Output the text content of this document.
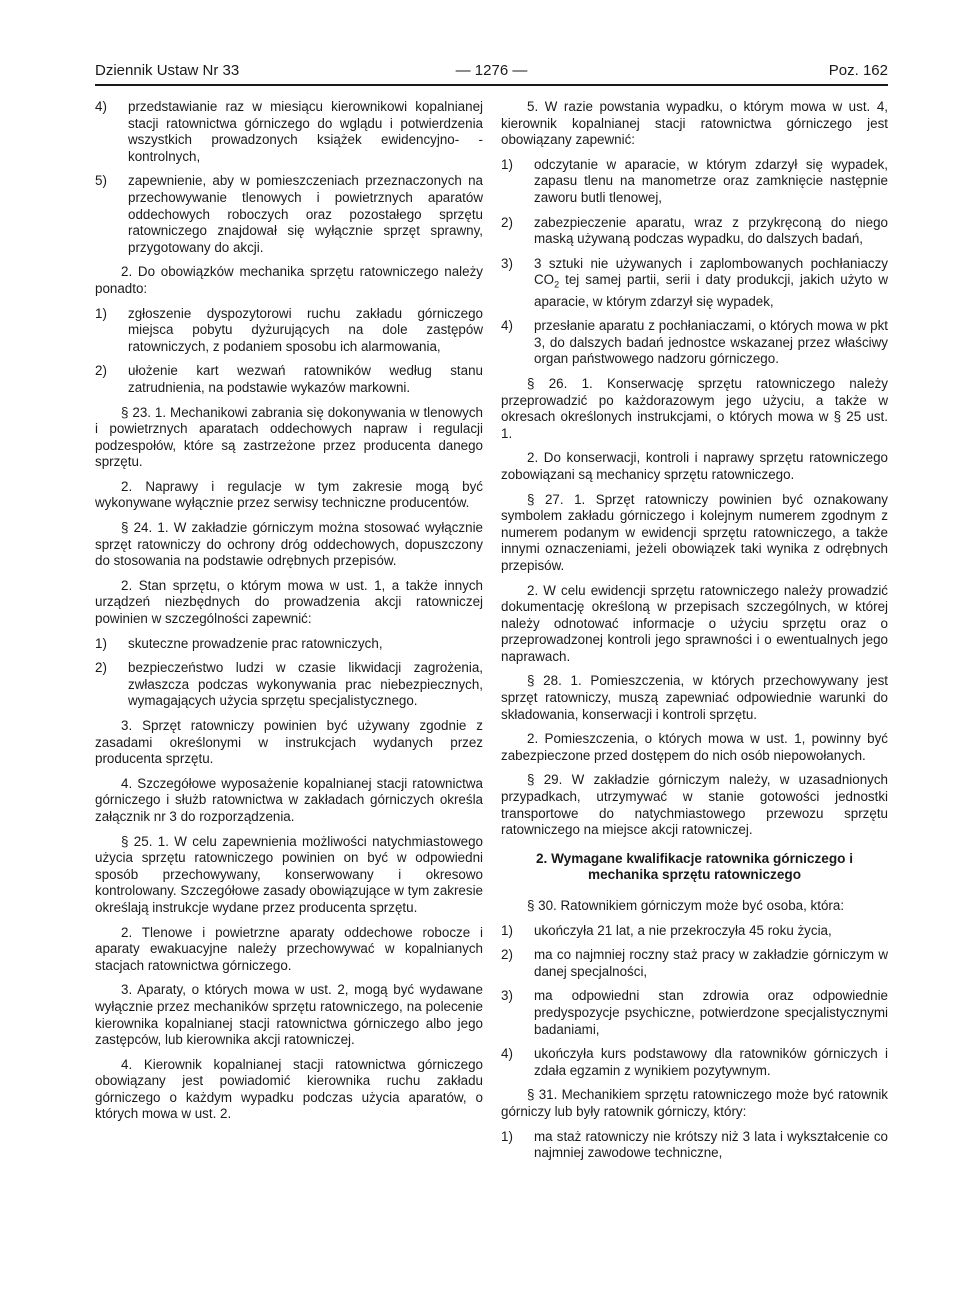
Dziennik Ustaw Nr 33	— 1276 —	Poz. 162
4)	przedstawianie raz w miesiącu kierownikowi kopalnianej stacji ratownictwa górniczego do wglądu i potwierdzenia wszystkich prowadzonych książek ewidencyjno- -kontrolnych,
5)	zapewnienie, aby w pomieszczeniach przeznaczonych na przechowywanie tlenowych i powietrznych aparatów oddechowych roboczych oraz pozostałego sprzętu ratowniczego znajdował się wyłącznie sprzęt sprawny, przygotowany do akcji.

2. Do obowiązków mechanika sprzętu ratowniczego należy ponadto:

1)	zgłoszenie dyspozytorowi ruchu zakładu górniczego miejsca pobytu dyżurujących na dole zastępów ratowniczych, z podaniem sposobu ich alarmowania,
2)	ułożenie kart wezwań ratowników według stanu zatrudnienia, na podstawie wykazów markowni.

§ 23. 1. Mechanikowi zabrania się dokonywania w tlenowych i powietrznych aparatach oddechowych napraw i regulacji podzespołów, które są zastrzeżone przez producenta danego sprzętu.

2. Naprawy i regulacje w tym zakresie mogą być wykonywane wyłącznie przez serwisy techniczne producentów.

§ 24. 1. W zakładzie górniczym można stosować wyłącznie sprzęt ratowniczy do ochrony dróg oddechowych, dopuszczony do stosowania na podstawie odrębnych przepisów.

2. Stan sprzętu, o którym mowa w ust. 1, a także innych urządzeń niezbędnych do prowadzenia akcji ratowniczej powinien w szczególności zapewnić:

1)	skuteczne prowadzenie prac ratowniczych,
2)	bezpieczeństwo ludzi w czasie likwidacji zagrożenia, zwłaszcza podczas wykonywania prac niebezpiecznych, wymagających użycia sprzętu specjalistycznego.

3. Sprzęt ratowniczy powinien być używany zgodnie z zasadami określonymi w instrukcjach wydanych przez producenta sprzętu.

4. Szczegółowe wyposażenie kopalnianej stacji ratownictwa górniczego i służb ratownictwa w zakładach górniczych określa załącznik nr 3 do rozporządzenia.

§ 25. 1. W celu zapewnienia możliwości natychmiastowego użycia sprzętu ratowniczego powinien on być w odpowiedni sposób przechowywany, konserwowany i okresowo kontrolowany. Szczegółowe zasady obowiązujące w tym zakresie określają instrukcje wydane przez producenta sprzętu.

2. Tlenowe i powietrzne aparaty oddechowe robocze i aparaty ewakuacyjne należy przechowywać w kopalnianych stacjach ratownictwa górniczego.

3. Aparaty, o których mowa w ust. 2, mogą być wydawane wyłącznie przez mechaników sprzętu ratowniczego, na polecenie kierownika kopalnianej stacji ratownictwa górniczego albo jego zastępców, lub kierownika akcji ratowniczej.

4. Kierownik kopalnianej stacji ratownictwa górniczego obowiązany jest powiadomić kierownika ruchu zakładu górniczego o każdym wypadku podczas użycia aparatów, o których mowa w ust. 2.

5. W razie powstania wypadku, o którym mowa w ust. 4, kierownik kopalnianej stacji ratownictwa górniczego jest obowiązany zapewnić:

1)	odczytanie w aparacie, w którym zdarzył się wypadek, zapasu tlenu na manometrze oraz zamknięcie następnie zaworu butli tlenowej,
2)	zabezpieczenie aparatu, wraz z przykręconą do niego maską używaną podczas wypadku, do dalszych badań,
3)	3 sztuki nie używanych i zaplombowanych pochłaniaczy $CO_2$ tej samej partii, serii i daty produkcji, jakich użyto w aparacie, w którym zdarzył się wypadek,
4)	przesłanie aparatu z pochłaniaczami, o których mowa w pkt 3, do dalszych badań jednostce wskazanej przez właściwy organ państwowego nadzoru górniczego.

§ 26. 1. Konserwację sprzętu ratowniczego należy przeprowadzić po każdorazowym jego użyciu, a także w okresach określonych instrukcjami, o których mowa w § 25 ust. 1.

2. Do konserwacji, kontroli i naprawy sprzętu ratowniczego zobowiązani są mechanicy sprzętu ratowniczego.

§ 27. 1. Sprzęt ratowniczy powinien być oznakowany symbolem zakładu górniczego i kolejnym numerem zgodnym z numerem podanym w ewidencji sprzętu ratowniczego, a także innymi oznaczeniami, jeżeli obowiązek taki wynika z odrębnych przepisów.

2. W celu ewidencji sprzętu ratowniczego należy prowadzić dokumentację określoną w przepisach szczególnych, w której należy odnotować informacje o użyciu sprzętu oraz o przeprowadzonej kontroli jego sprawności i o ewentualnych jego naprawach.

§ 28. 1. Pomieszczenia, w których przechowywany jest sprzęt ratowniczy, muszą zapewniać odpowiednie warunki do składowania, konserwacji i kontroli sprzętu.

2. Pomieszczenia, o których mowa w ust. 1, powinny być zabezpieczone przed dostępem do nich osób niepowołanych.

§ 29. W zakładzie górniczym należy, w uzasadnionych przypadkach, utrzymywać w stanie gotowości jednostki transportowe do natychmiastowego przewozu sprzętu ratowniczego na miejsce akcji ratowniczej.

2. Wymagane kwalifikacje ratownika górniczego i mechanika sprzętu ratowniczego

§ 30. Ratownikiem górniczym może być osoba, która:

1)	ukończyła 21 lat, a nie przekroczyła 45 roku życia,
2)	ma co najmniej roczny staż pracy w zakładzie górniczym w danej specjalności,
3)	ma odpowiedni stan zdrowia oraz odpowiednie predyspozycje psychiczne, potwierdzone specjalistycznymi badaniami,
4)	ukończyła kurs podstawowy dla ratowników górniczych i zdała egzamin z wynikiem pozytywnym.

§ 31. Mechanikiem sprzętu ratowniczego może być ratownik górniczy lub były ratownik górniczy, który:

1)	ma staż ratowniczy nie krótszy niż 3 lata i wykształcenie co najmniej zawodowe techniczne,
